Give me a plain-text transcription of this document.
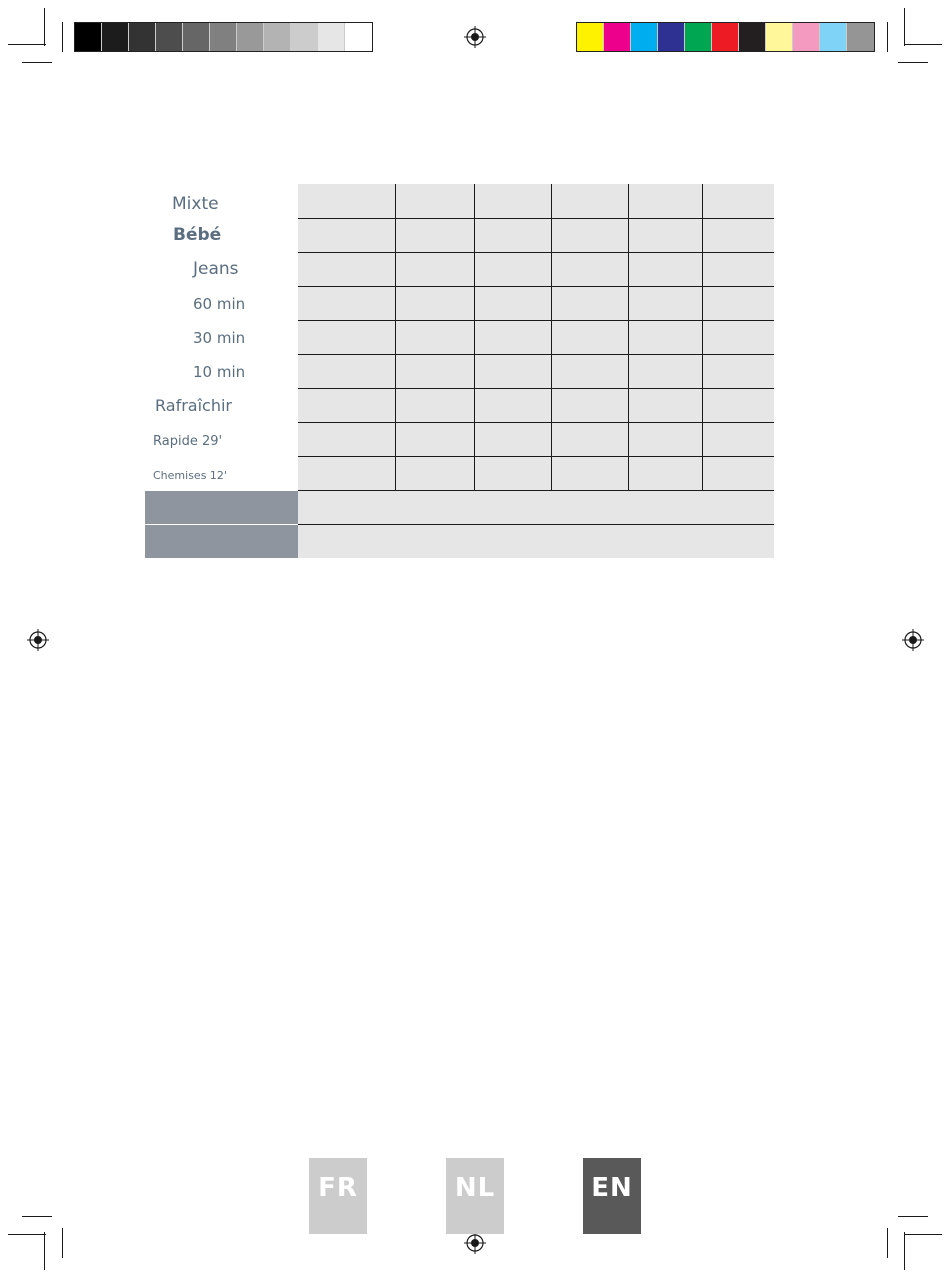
Mixte						
Bébé						
Jeans						
60 min						
30 min						
10 min						
Rafraîchir						
Rapide 29'						
Chemises 12'						

FR	NL	EN
